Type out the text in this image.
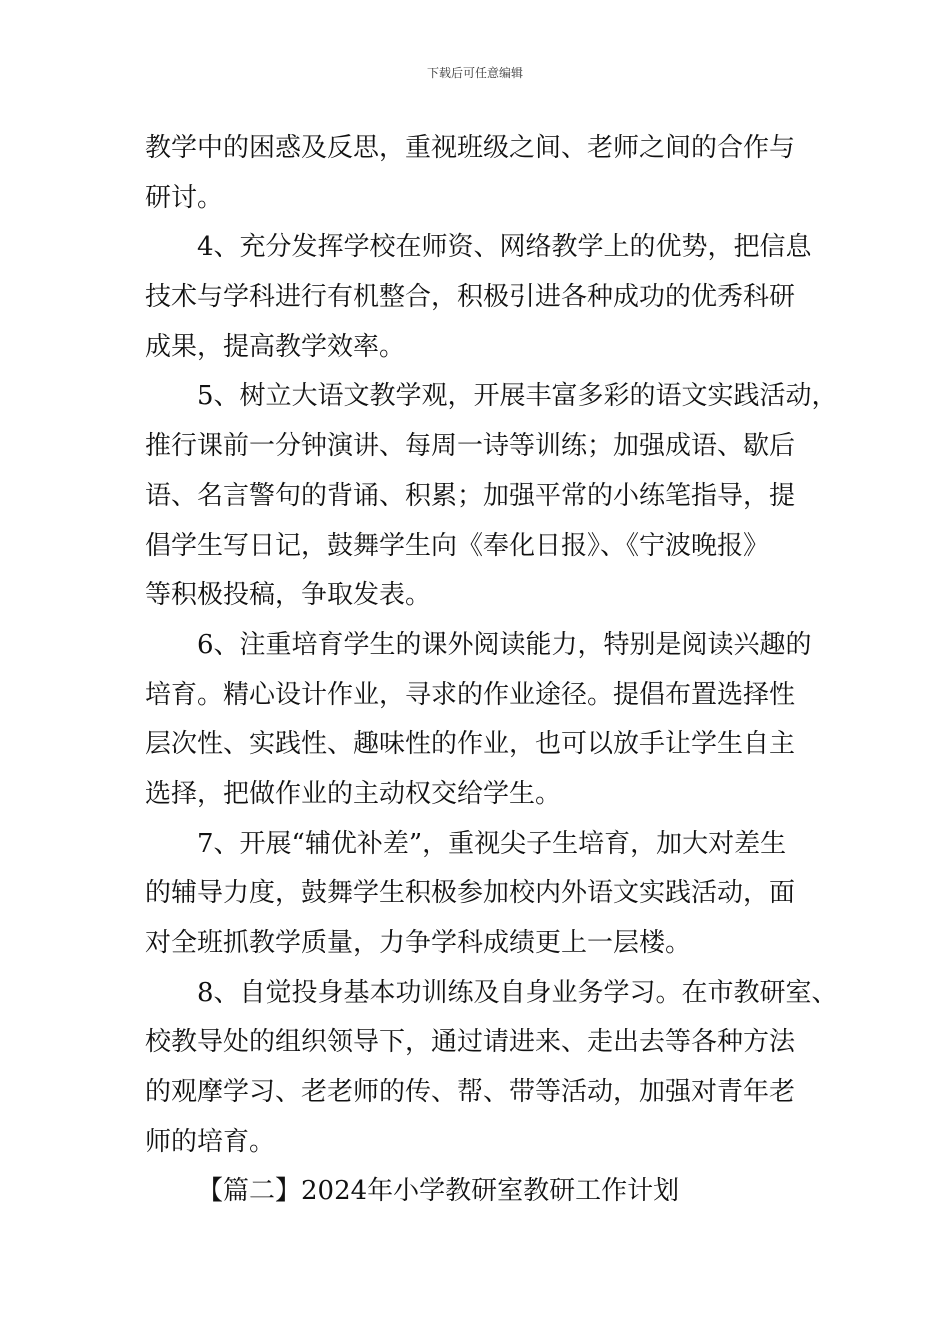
下载后可任意编辑
教学中的困惑及反思，重视班级之间、老师之间的合作与
研讨。
4、充分发挥学校在师资、网络教学上的优势，把信息
技术与学科进行有机整合，积极引进各种成功的优秀科研
成果，提高教学效率。
5、树立大语文教学观，开展丰富多彩的语文实践活动，
推行课前一分钟演讲、每周一诗等训练；加强成语、歇后
语、名言警句的背诵、积累；加强平常的小练笔指导，提
倡学生写日记，鼓舞学生向《奉化日报》、《宁波晚报》
等积极投稿，争取发表。
6、注重培育学生的课外阅读能力，特别是阅读兴趣的
培育。精心设计作业，寻求的作业途径。提倡布置选择性
层次性、实践性、趣味性的作业，也可以放手让学生自主
选择，把做作业的主动权交给学生。
7、开展“辅优补差”，重视尖子生培育，加大对差生
的辅导力度，鼓舞学生积极参加校内外语文实践活动，面
对全班抓教学质量，力争学科成绩更上一层楼。
8、自觉投身基本功训练及自身业务学习。在市教研室、
校教导处的组织领导下，通过请进来、走出去等各种方法
的观摩学习、老老师的传、帮、带等活动，加强对青年老
师的培育。
【篇二】2024年小学教研室教研工作计划
